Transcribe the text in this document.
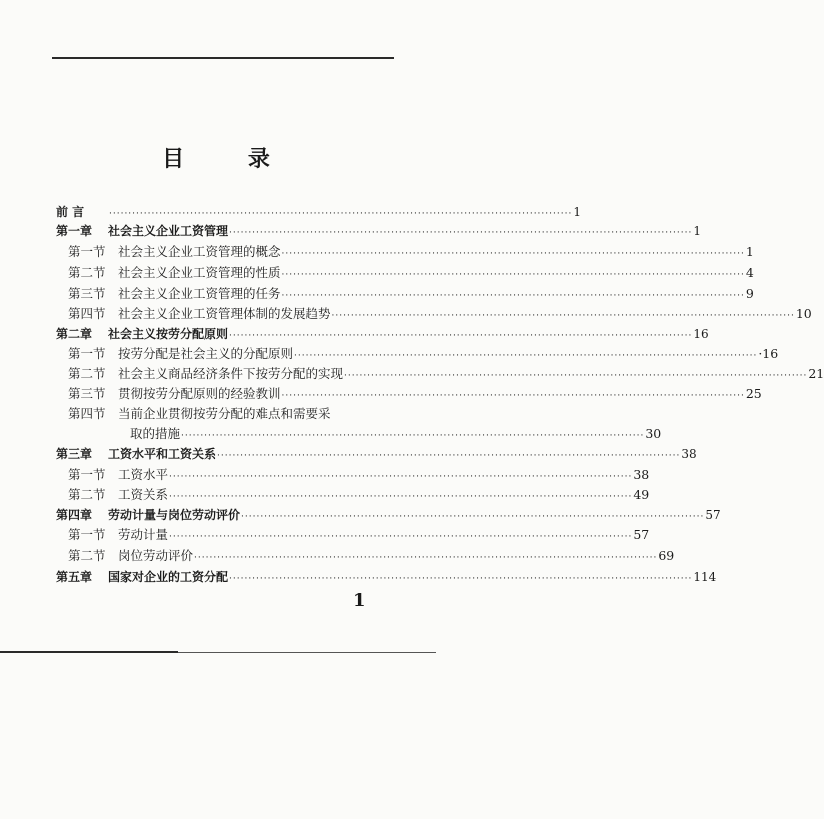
目 录
前 言	························································································································ 1
第一章	社会主义企业工资管理 ························································································································ 1
第一节 社会主义企业工资管理的概念 ························································································································ 1
第二节 社会主义企业工资管理的性质 ························································································································ 4
第三节 社会主义企业工资管理的任务 ························································································································ 9
第四节 社会主义企业工资管理体制的发展趋势 ························································································································ 10
第二章	社会主义按劳分配原则 ························································································································ 16
第一节 按劳分配是社会主义的分配原则 ························································································································ ·16
第二节 社会主义商品经济条件下按劳分配的实现 ························································································································ 21
第三节 贯彻按劳分配原则的经验教训 ························································································································ 25
第四节 当前企业贯彻按劳分配的难点和需要采
取的措施 ························································································································ 30
第三章	工资水平和工资关系 ························································································································ 38
第一节 工资水平 ························································································································ 38
第二节 工资关系 ························································································································ 49
第四章	劳动计量与岗位劳动评价 ························································································································ 57
第一节 劳动计量 ························································································································ 57
第二节 岗位劳动评价 ························································································································ 69
第五章	国家对企业的工资分配 ························································································································ 114
1
